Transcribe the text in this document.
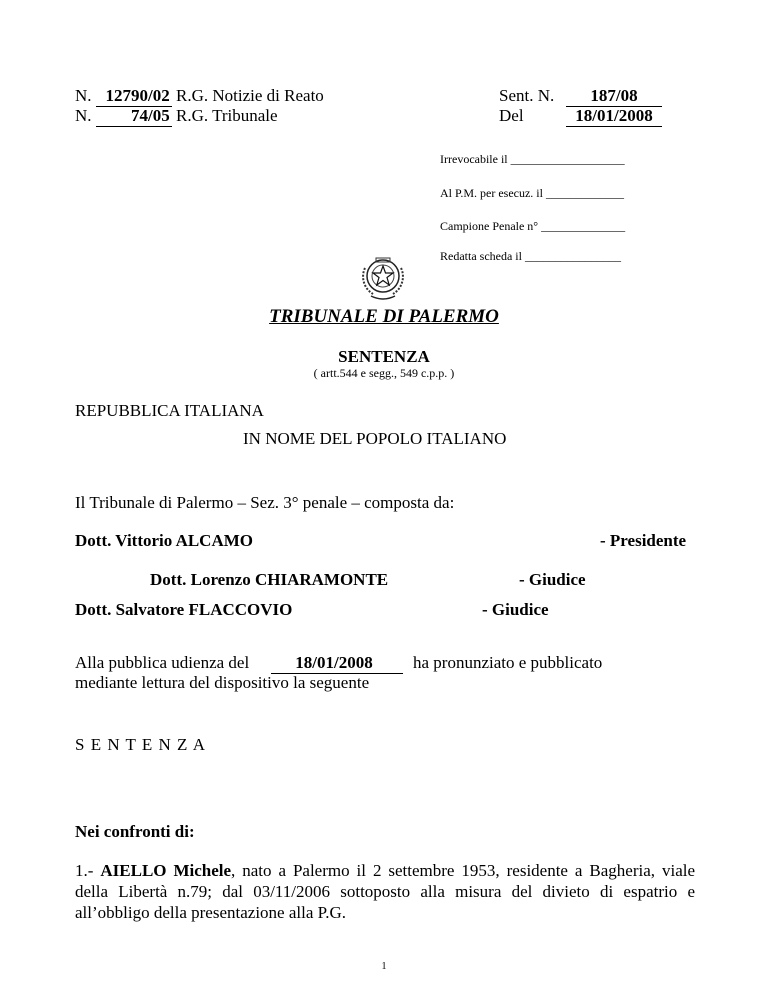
N. 12790/02 R.G. Notizie di Reato
N. 74/05 R.G. Tribunale
Sent. N.	187/08
Del	18/01/2008
Irrevocabile il ___________________
Al P.M. per esecuz. il _____________
Campione Penale n° ______________
Redatta scheda il ________________
TRIBUNALE DI PALERMO
SENTENZA
( artt.544 e segg., 549 c.p.p. )
REPUBBLICA ITALIANA
IN NOME DEL POPOLO ITALIANO
Il Tribunale di Palermo – Sez. 3° penale – composta da:
Dott. Vittorio ALCAMO	- Presidente
Dott. Lorenzo CHIARAMONTE	- Giudice
Dott. Salvatore FLACCOVIO	- Giudice
Alla pubblica udienza del	18/01/2008	ha pronunziato e pubblicato
mediante lettura del dispositivo la seguente
S E N T E N Z A
Nei confronti di:
1.- AIELLO Michele, nato a Palermo il 2 settembre 1953, residente a Bagheria, viale della Libertà n.79; dal 03/11/2006 sottoposto alla misura del divieto di espatrio e all’obbligo della presentazione alla P.G.
1
